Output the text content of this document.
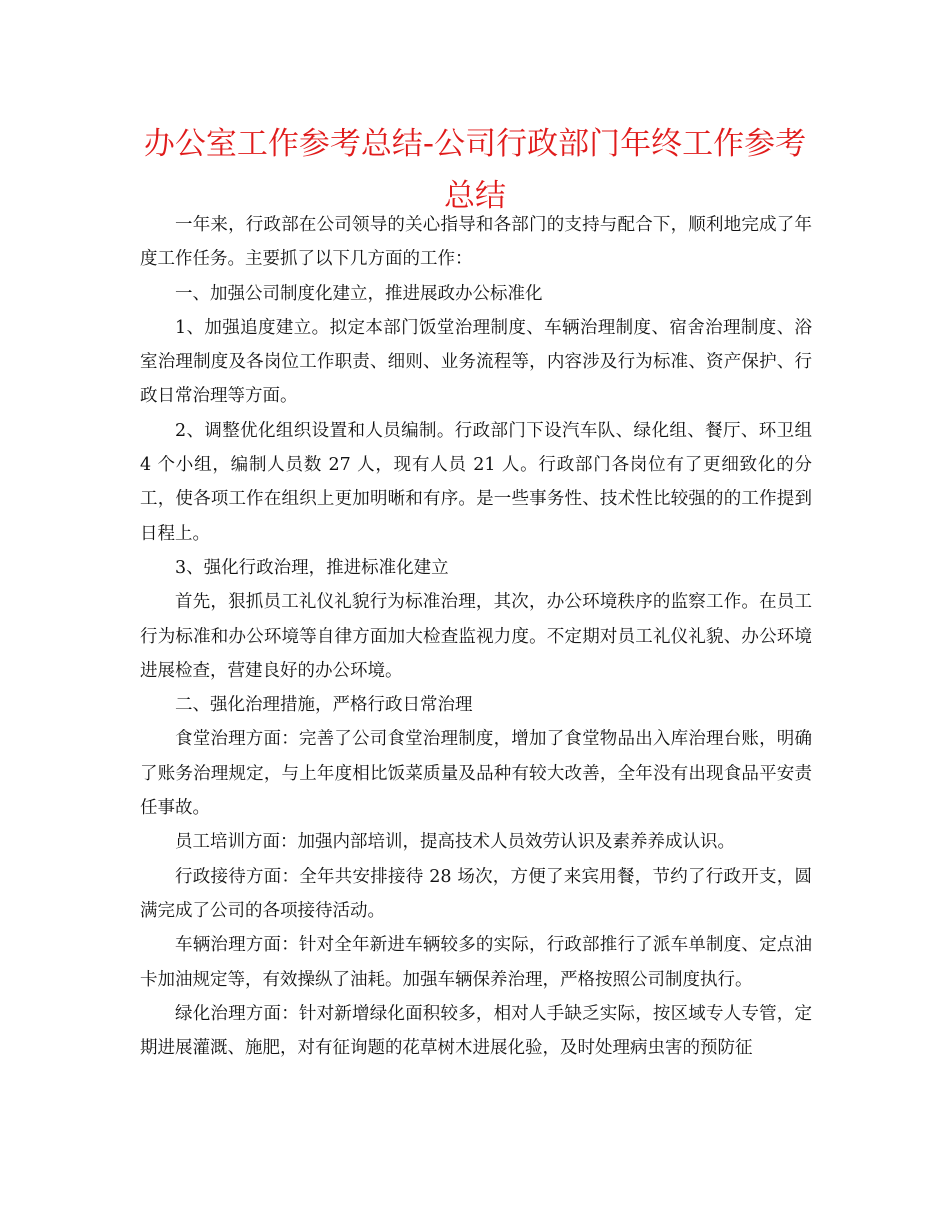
办公室工作参考总结-公司行政部门年终工作参考总结

一年来，行政部在公司领导的关心指导和各部门的支持与配合下，顺利地完成了年度工作任务。主要抓了以下几方面的工作：

一、加强公司制度化建立，推进展政办公标准化

1、加强追度建立。拟定本部门饭堂治理制度、车辆治理制度、宿舍治理制度、浴室治理制度及各岗位工作职责、细则、业务流程等，内容涉及行为标准、资产保护、行政日常治理等方面。

2、调整优化组织设置和人员编制。行政部门下设汽车队、绿化组、餐厅、环卫组 4 个小组，编制人员数 27 人，现有人员 21 人。行政部门各岗位有了更细致化的分工，使各项工作在组织上更加明晰和有序。是一些事务性、技术性比较强的的工作提到日程上。

3、强化行政治理，推进标准化建立

首先，狠抓员工礼仪礼貌行为标准治理，其次，办公环境秩序的监察工作。在员工行为标准和办公环境等自律方面加大检查监视力度。不定期对员工礼仪礼貌、办公环境进展检查，营建良好的办公环境。

二、强化治理措施，严格行政日常治理

食堂治理方面：完善了公司食堂治理制度，增加了食堂物品出入库治理台账，明确了账务治理规定，与上年度相比饭菜质量及品种有较大改善，全年没有出现食品平安责任事故。

员工培训方面：加强内部培训，提高技术人员效劳认识及素养养成认识。

行政接待方面：全年共安排接待 28 场次，方便了来宾用餐，节约了行政开支，圆满完成了公司的各项接待活动。

车辆治理方面：针对全年新进车辆较多的实际，行政部推行了派车单制度、定点油卡加油规定等，有效操纵了油耗。加强车辆保养治理，严格按照公司制度执行。

绿化治理方面：针对新增绿化面积较多，相对人手缺乏实际，按区域专人专管，定期进展灌溉、施肥，对有征询题的花草树木进展化验，及时处理病虫害的预防征
